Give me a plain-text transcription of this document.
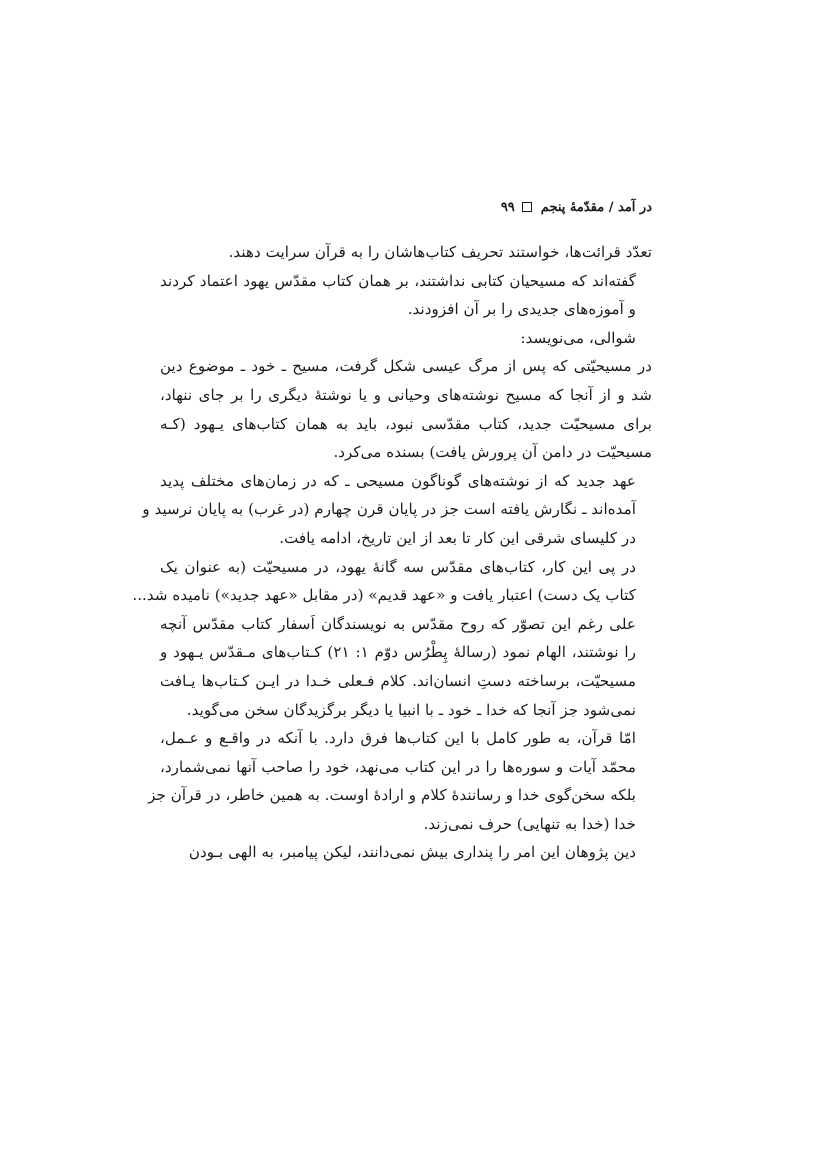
در آمد / مقدّمهٔ پنجم
۹۹

تعدّد قرائت‌ها، خواستند تحریف کتاب‌هاشان را به قرآن سرایت دهند.

گفته‌اند که مسیحیان کتابی نداشتند، بر همان کتاب مقدّس یهود اعتماد کردند
و آموزه‌های جدیدی را بر آن افزودند.

شوالی، می‌نویسد:

در مسیحیّتی که پس از مرگ عیسی شکل گرفت، مسیح ـ خود ـ موضوع دین
شد و از آنجا که مسیح نوشته‌های وحیانی و یا نوشتهٔ دیگری را بر جای ننهاد،
برای مسیحیّت جدید، کتاب مقدّسی نبود، باید به همان کتاب‌های یـهود (کـه
مسیحیّت در دامن آن پرورش یافت) بسنده می‌کرد.

عهد جدید که از نوشته‌های گوناگون مسیحی ـ که در زمان‌های مختلف پدید
آمده‌اند ـ نگارش یافته است جز در پایان قرن چهارم (در غرب) به پایان نرسید و
در کلیسای شرقی این کار تا بعد از این تاریخ، ادامه یافت.

در پی این کار، کتاب‌های مقدّس سه گانهٔ یهود، در مسیحیّت (به عنوان یک
کتاب یک دست) اعتبار یافت و «عهد قدیم» (در مقابل «عهد جدید») نامیده شد...

علی رغم این تصوّر که روح مقدّس به نویسندگان اَسفار کتاب مقدّس آنچه
را نوشتند، الهام نمود (رسالهٔ پِطْرُس دوّم ۱: ۲۱) کـتاب‌های مـقدّس یـهود و
مسیحیّت، برساخته دستِ انسان‌اند. کلام فـعلی خـدا در ایـن کـتاب‌ها یـافت
نمی‌شود جز آنجا که خدا ـ خود ـ با انبیا یا دیگر برگزیدگان سخن می‌گوید.

امّا قرآن، به طور کامل با این کتاب‌ها فرق دارد. با آنکه در واقـع و عـمل،
محمّد آیات و سوره‌ها را در این کتاب می‌نهد، خود را صاحب آنها نمی‌شمارد،
بلکه سخن‌گوی خدا و رسانندهٔ کلام و ارادهٔ اوست. به همین خاطر، در قرآن جز
خدا (خدا به تنهایی) حرف نمی‌زند.

دین پژوهان این امر را پنداری بیش نمی‌دانند، لیکن پیامبر، به الهی بـودن
